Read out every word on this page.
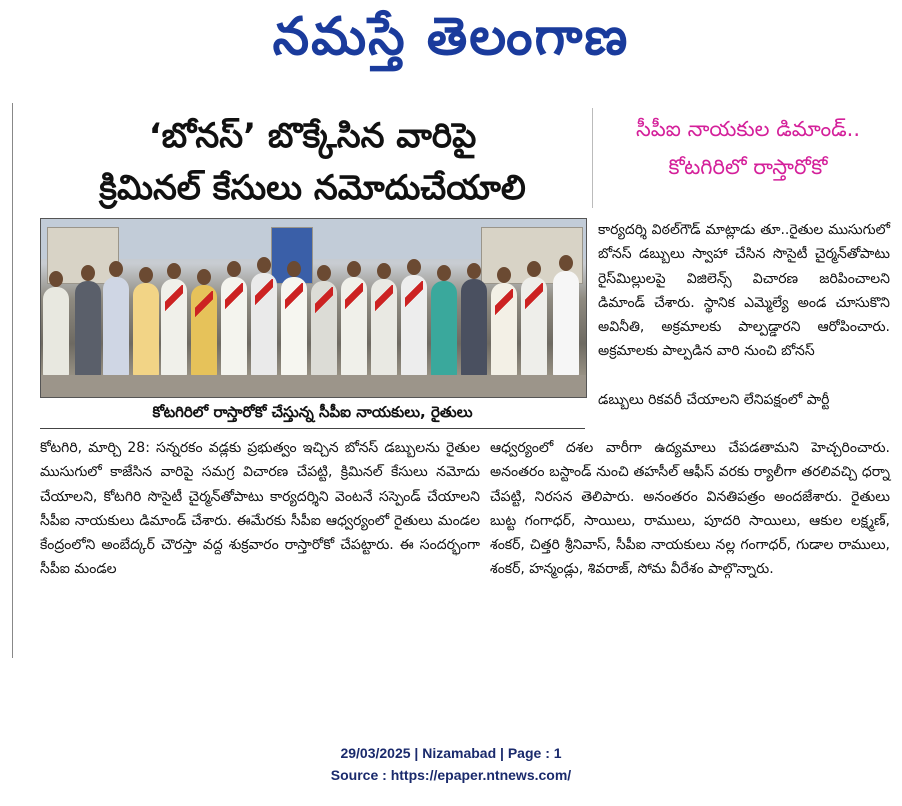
నమస్తే తెలంగాణ
‘బోనస్’ బొక్కేసిన వారిపై
క్రిమినల్ కేసులు నమోదుచేయాలి
సీపీఐ నాయకుల డిమాండ్..
కోటగిరిలో రాస్తారోకో
కోటగిరిలో రాస్తారోకో చేస్తున్న సీపీఐ నాయకులు, రైతులు
కార్యదర్శి విఠల్‌గౌడ్ మాట్లాడు తూ..రైతుల ముసుగులో బోనస్ డబ్బులు స్వాహా చేసిన సొసైటీ చైర్మన్‌తోపాటు రైస్‌మిల్లులపై విజిలెన్స్ విచారణ జరిపించాలని డిమాండ్ చేశారు. స్థానిక ఎమ్మెల్యే అండ చూసుకొని అవినీతి, అక్రమాలకు పాల్పడ్డారని ఆరోపించారు. అక్రమాలకు పాల్పడిన వారి నుంచి బోనస్
డబ్బులు రికవరీ చేయాలని లేనిపక్షంలో పార్టీ
కోటగిరి, మార్చి 28: సన్నరకం వడ్లకు ప్రభుత్వం ఇచ్చిన బోనస్ డబ్బులను రైతుల ముసుగులో కాజేసిన వారిపై సమగ్ర విచారణ చేపట్టి, క్రిమినల్ కేసులు నమోదు చేయాలని, కోటగిరి సొసైటీ చైర్మన్‌తోపాటు కార్యదర్శిని వెంటనే సస్పెండ్ చేయాలని సీపీఐ నాయకులు డిమాండ్ చేశారు. ఈమేరకు సీపీఐ ఆధ్వర్యంలో రైతులు మండల కేంద్రంలోని అంబేద్కర్ చౌరస్తా వద్ద శుక్రవారం రాస్తారోకో చేపట్టారు. ఈ సందర్భంగా సీపీఐ మండల
ఆధ్వర్యంలో దశల వారీగా ఉద్యమాలు చేపడతామని హెచ్చరించారు. అనంతరం బస్టాండ్ నుంచి తహసీల్ ఆఫీస్ వరకు ర్యాలీగా తరలివచ్చి ధర్నా చేపట్టి, నిరసన తెలిపారు. అనంతరం వినతిపత్రం అందజేశారు. రైతులు బుట్ట గంగాధర్, సాయిలు, రాములు, పూదరి సాయిలు, ఆకుల లక్ష్మణ్, శంకర్, చిత్తరి శ్రీనివాస్, సీపీఐ నాయకులు నల్ల గంగాధర్, గుడాల రాములు, శంకర్, హన్మండ్లు, శివరాజ్, సోమ వీరేశం పాల్గొన్నారు.
29/03/2025 | Nizamabad | Page : 1
Source : https://epaper.ntnews.com/
